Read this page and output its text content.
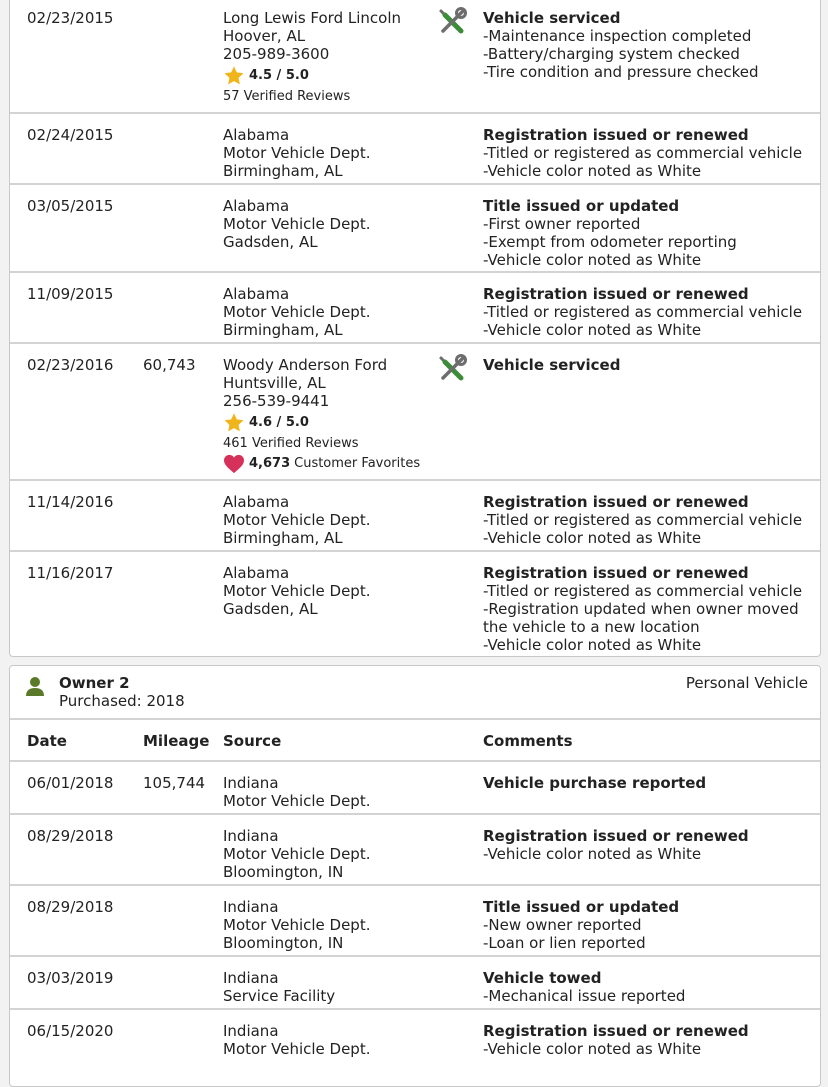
02/23/2015	Long Lewis Ford Lincoln
Hoover, AL
205-989-3600
4.5 / 5.0
57 Verified Reviews
Vehicle serviced
-Maintenance inspection completed
-Battery/charging system checked
-Tire condition and pressure checked
02/24/2015	Alabama
Motor Vehicle Dept.
Birmingham, AL
Registration issued or renewed
-Titled or registered as commercial vehicle
-Vehicle color noted as White
03/05/2015	Alabama
Motor Vehicle Dept.
Gadsden, AL
Title issued or updated
-First owner reported
-Exempt from odometer reporting
-Vehicle color noted as White
11/09/2015	Alabama
Motor Vehicle Dept.
Birmingham, AL
Registration issued or renewed
-Titled or registered as commercial vehicle
-Vehicle color noted as White
02/23/2016 60,743 Woody Anderson Ford
Huntsville, AL
256-539-9441
4.6 / 5.0
461 Verified Reviews
4,673 Customer Favorites
Vehicle serviced
11/14/2016	Alabama
Motor Vehicle Dept.
Birmingham, AL
Registration issued or renewed
-Titled or registered as commercial vehicle
-Vehicle color noted as White
11/16/2017	Alabama
Motor Vehicle Dept.
Gadsden, AL
Registration issued or renewed
-Titled or registered as commercial vehicle
-Registration updated when owner moved
the vehicle to a new location
-Vehicle color noted as White
Owner 2
Purchased: 2018
Personal Vehicle
Date	Mileage Source	Comments
06/01/2018 105,744 Indiana
Motor Vehicle Dept.
Vehicle purchase reported
08/29/2018	Indiana
Motor Vehicle Dept.
Bloomington, IN
Registration issued or renewed
-Vehicle color noted as White
08/29/2018	Indiana
Motor Vehicle Dept.
Bloomington, IN
Title issued or updated
-New owner reported
-Loan or lien reported
03/03/2019	Indiana
Service Facility
Vehicle towed
-Mechanical issue reported
06/15/2020	Indiana
Motor Vehicle Dept.
Registration issued or renewed
-Vehicle color noted as White
